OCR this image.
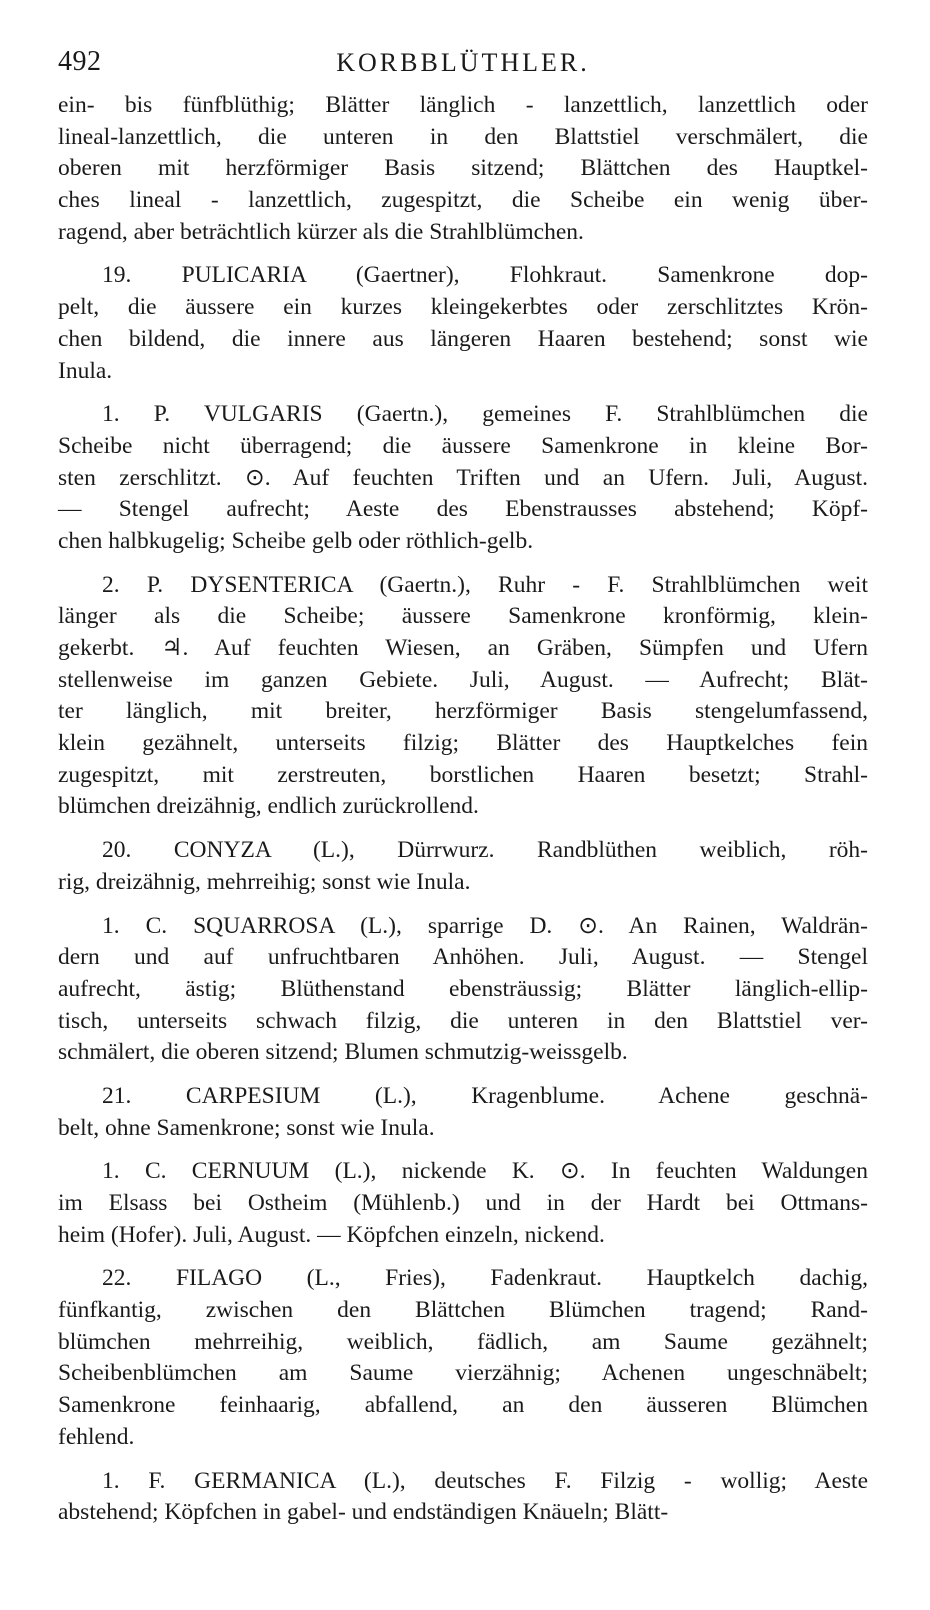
492	KORBBLÜTHLER.
ein- bis fünfblüthig; Blätter länglich - lanzettlich, lanzettlich oder
lineal-lanzettlich, die unteren in den Blattstiel verschmälert, die
oberen mit herzförmiger Basis sitzend; Blättchen des Hauptkel-
ches lineal - lanzettlich, zugespitzt, die Scheibe ein wenig über-
ragend, aber beträchtlich kürzer als die Strahlblümchen.
19. PULICARIA (Gaertner), Flohkraut. Samenkrone dop-
pelt, die äussere ein kurzes kleingekerbtes oder zerschlitztes Krön-
chen bildend, die innere aus längeren Haaren bestehend; sonst wie
Inula.
1. P. VULGARIS (Gaertn.), gemeines F. Strahlblümchen die
Scheibe nicht überragend; die äussere Samenkrone in kleine Bor-
sten zerschlitzt. ⊙. Auf feuchten Triften und an Ufern. Juli, August.
— Stengel aufrecht; Aeste des Ebenstrausses abstehend; Köpf-
chen halbkugelig; Scheibe gelb oder röthlich-gelb.
2. P. DYSENTERICA (Gaertn.), Ruhr - F. Strahlblümchen weit
länger als die Scheibe; äussere Samenkrone kronförmig, klein-
gekerbt. ♃. Auf feuchten Wiesen, an Gräben, Sümpfen und Ufern
stellenweise im ganzen Gebiete. Juli, August. — Aufrecht; Blät-
ter länglich, mit breiter, herzförmiger Basis stengelumfassend,
klein gezähnelt, unterseits filzig; Blätter des Hauptkelches fein
zugespitzt, mit zerstreuten, borstlichen Haaren besetzt; Strahl-
blümchen dreizähnig, endlich zurückrollend.
20. CONYZA (L.), Dürrwurz. Randblüthen weiblich, röh-
rig, dreizähnig, mehrreihig; sonst wie Inula.
1. C. SQUARROSA (L.), sparrige D. ⊙. An Rainen, Waldrän-
dern und auf unfruchtbaren Anhöhen. Juli, August. — Stengel
aufrecht, ästig; Blüthenstand ebensträussig; Blätter länglich-ellip-
tisch, unterseits schwach filzig, die unteren in den Blattstiel ver-
schmälert, die oberen sitzend; Blumen schmutzig-weissgelb.
21. CARPESIUM (L.), Kragenblume. Achene geschnä-
belt, ohne Samenkrone; sonst wie Inula.
1. C. CERNUUM (L.), nickende K. ⊙. In feuchten Waldungen
im Elsass bei Ostheim (Mühlenb.) und in der Hardt bei Ottmans-
heim (Hofer). Juli, August. — Köpfchen einzeln, nickend.
22. FILAGO (L., Fries), Fadenkraut. Hauptkelch dachig,
fünfkantig, zwischen den Blättchen Blümchen tragend; Rand-
blümchen mehrreihig, weiblich, fädlich, am Saume gezähnelt;
Scheibenblümchen am Saume vierzähnig; Achenen ungeschnäbelt;
Samenkrone feinhaarig, abfallend, an den äusseren Blümchen
fehlend.
1. F. GERMANICA (L.), deutsches F. Filzig - wollig; Aeste
abstehend; Köpfchen in gabel- und endständigen Knäueln; Blätt-
